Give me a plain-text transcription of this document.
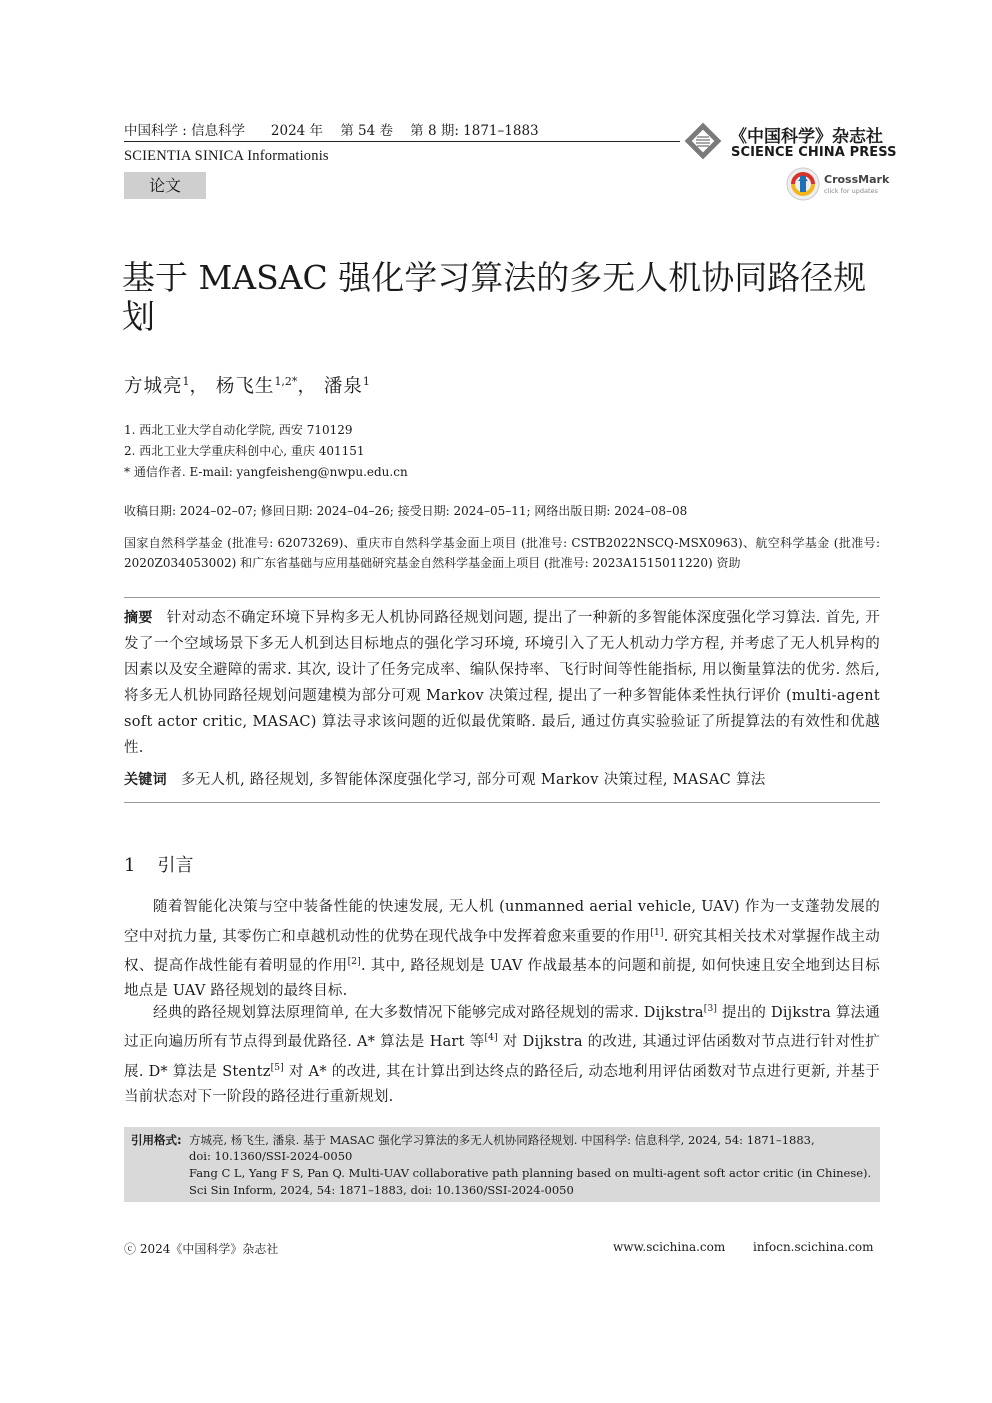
中国科学 : 信息科学 2024 年 第 54 卷 第 8 期: 1871–1883
SCIENTIA SINICA Informationis
论文
《中国科学》杂志社
SCIENCE CHINA PRESS
CrossMark
click for updates
基于 MASAC 强化学习算法的多无人机协同路径规划
方城亮$^1$， 杨飞生$^{1,2*}$， 潘泉$^1$
1. 西北工业大学自动化学院, 西安 710129
2. 西北工业大学重庆科创中心, 重庆 401151
* 通信作者. E-mail: yangfeisheng@nwpu.edu.cn
收稿日期: 2024–02–07; 修回日期: 2024–04–26; 接受日期: 2024–05–11; 网络出版日期: 2024–08–08
国家自然科学基金 (批准号: 62073269)、重庆市自然科学基金面上项目 (批准号: CSTB2022NSCQ-MSX0963)、航空科学基金 (批准号: 2020Z034053002) 和广东省基础与应用基础研究基金自然科学基金面上项目 (批准号: 2023A1515011220) 资助
摘要 针对动态不确定环境下异构多无人机协同路径规划问题, 提出了一种新的多智能体深度强化学习算法. 首先, 开发了一个空域场景下多无人机到达目标地点的强化学习环境, 环境引入了无人机动力学方程, 并考虑了无人机异构的因素以及安全避障的需求. 其次, 设计了任务完成率、编队保持率、飞行时间等性能指标, 用以衡量算法的优劣. 然后, 将多无人机协同路径规划问题建模为部分可观 Markov 决策过程, 提出了一种多智能体柔性执行评价 (multi-agent soft actor critic, MASAC) 算法寻求该问题的近似最优策略. 最后, 通过仿真实验验证了所提算法的有效性和优越性.
关键词 多无人机, 路径规划, 多智能体深度强化学习, 部分可观 Markov 决策过程, MASAC 算法
1 引言

随着智能化决策与空中装备性能的快速发展, 无人机 (unmanned aerial vehicle, UAV) 作为一支蓬勃发展的空中对抗力量, 其零伤亡和卓越机动性的优势在现代战争中发挥着愈来重要的作用[1]. 研究其相关技术对掌握作战主动权、提高作战性能有着明显的作用[2]. 其中, 路径规划是 UAV 作战最基本的问题和前提, 如何快速且安全地到达目标地点是 UAV 路径规划的最终目标.

经典的路径规划算法原理简单, 在大多数情况下能够完成对路径规划的需求. Dijkstra[3] 提出的 Dijkstra 算法通过正向遍历所有节点得到最优路径. A* 算法是 Hart 等[4] 对 Dijkstra 的改进, 其通过评估函数对节点进行针对性扩展. D* 算法是 Stentz[5] 对 A* 的改进, 其在计算出到达终点的路径后, 动态地利用评估函数对节点进行更新, 并基于当前状态对下一阶段的路径进行重新规划.

引用格式: 方城亮, 杨飞生, 潘泉. 基于 MASAC 强化学习算法的多无人机协同路径规划. 中国科学: 信息科学, 2024, 54: 1871–1883,
doi: 10.1360/SSI-2024-0050
Fang C L, Yang F S, Pan Q. Multi-UAV collaborative path planning based on multi-agent soft actor critic (in Chinese).
Sci Sin Inform, 2024, 54: 1871–1883, doi: 10.1360/SSI-2024-0050
ⓒ 2024《中国科学》杂志社	www.scichina.com infocn.scichina.com
